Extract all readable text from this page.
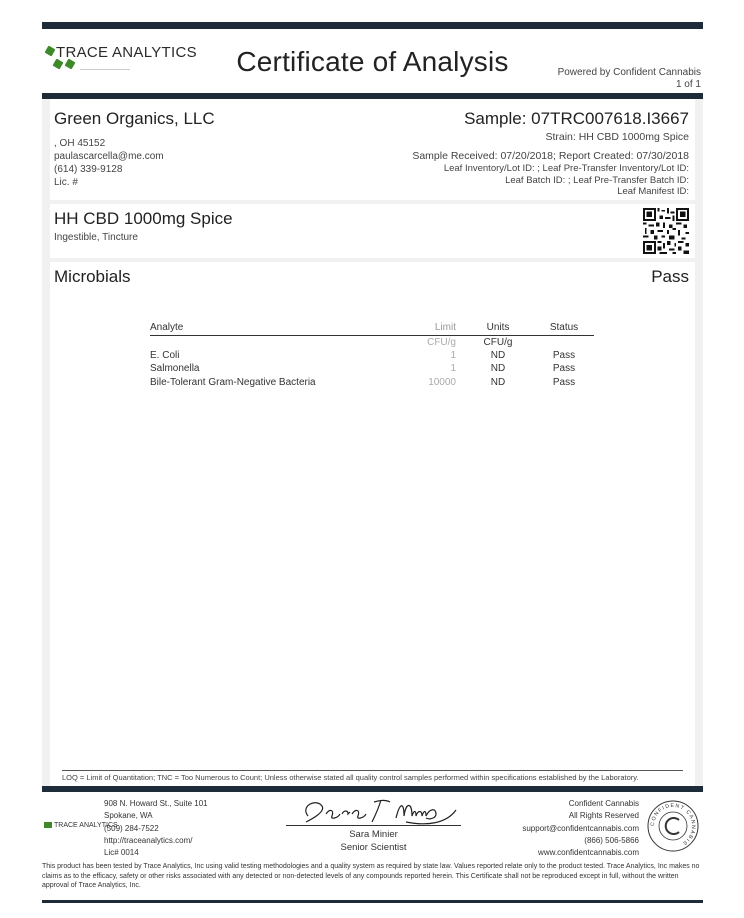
TRACE ANALYTICS	Certificate of Analysis	Powered by Confident Cannabis
1 of 1
Green Organics, LLC
, OH 45152
paulascarcella@me.com
(614) 339-9128
Lic. #
Sample: 07TRC007618.I3667
Strain: HH CBD 1000mg Spice
Sample Received: 07/20/2018; Report Created: 07/30/2018
Leaf Inventory/Lot ID: ; Leaf Pre-Transfer Inventory/Lot ID:
Leaf Batch ID: ; Leaf Pre-Transfer Batch ID:
Leaf Manifest ID:
HH CBD 1000mg Spice
Ingestible, Tincture
Microbials	Pass
Analyte	Limit	Units	Status
	CFU/g	CFU/g	
E. Coli	1	ND	Pass
Salmonella	1	ND	Pass
Bile-Tolerant Gram-Negative Bacteria	10000	ND	Pass
LOQ = Limit of Quantitation; TNC = Too Numerous to Count; Unless otherwise stated all quality control samples performed within specifications established by the Laboratory.
TRACE ANALYTICS
908 N. Howard St., Suite 101
Spokane, WA
(509) 284-7522
http://traceanalytics.com/
Lic# 0014
Sara Minier
Senior Scientist
Confident Cannabis
All Rights Reserved
support@confidentcannabis.com
(866) 506-5866
www.confidentcannabis.com
CONFIDENT CANNABIS
This product has been tested by Trace Analytics, Inc using valid testing methodologies and a quality system as required by state law. Values reported relate only to the product tested. Trace Analytics, Inc makes no claims as to the efficacy, safety or other risks associated with any detected or non-detected levels of any compounds reported herein. This Certificate shall not be reproduced except in full, without the written approval of Trace Analytics, Inc.
